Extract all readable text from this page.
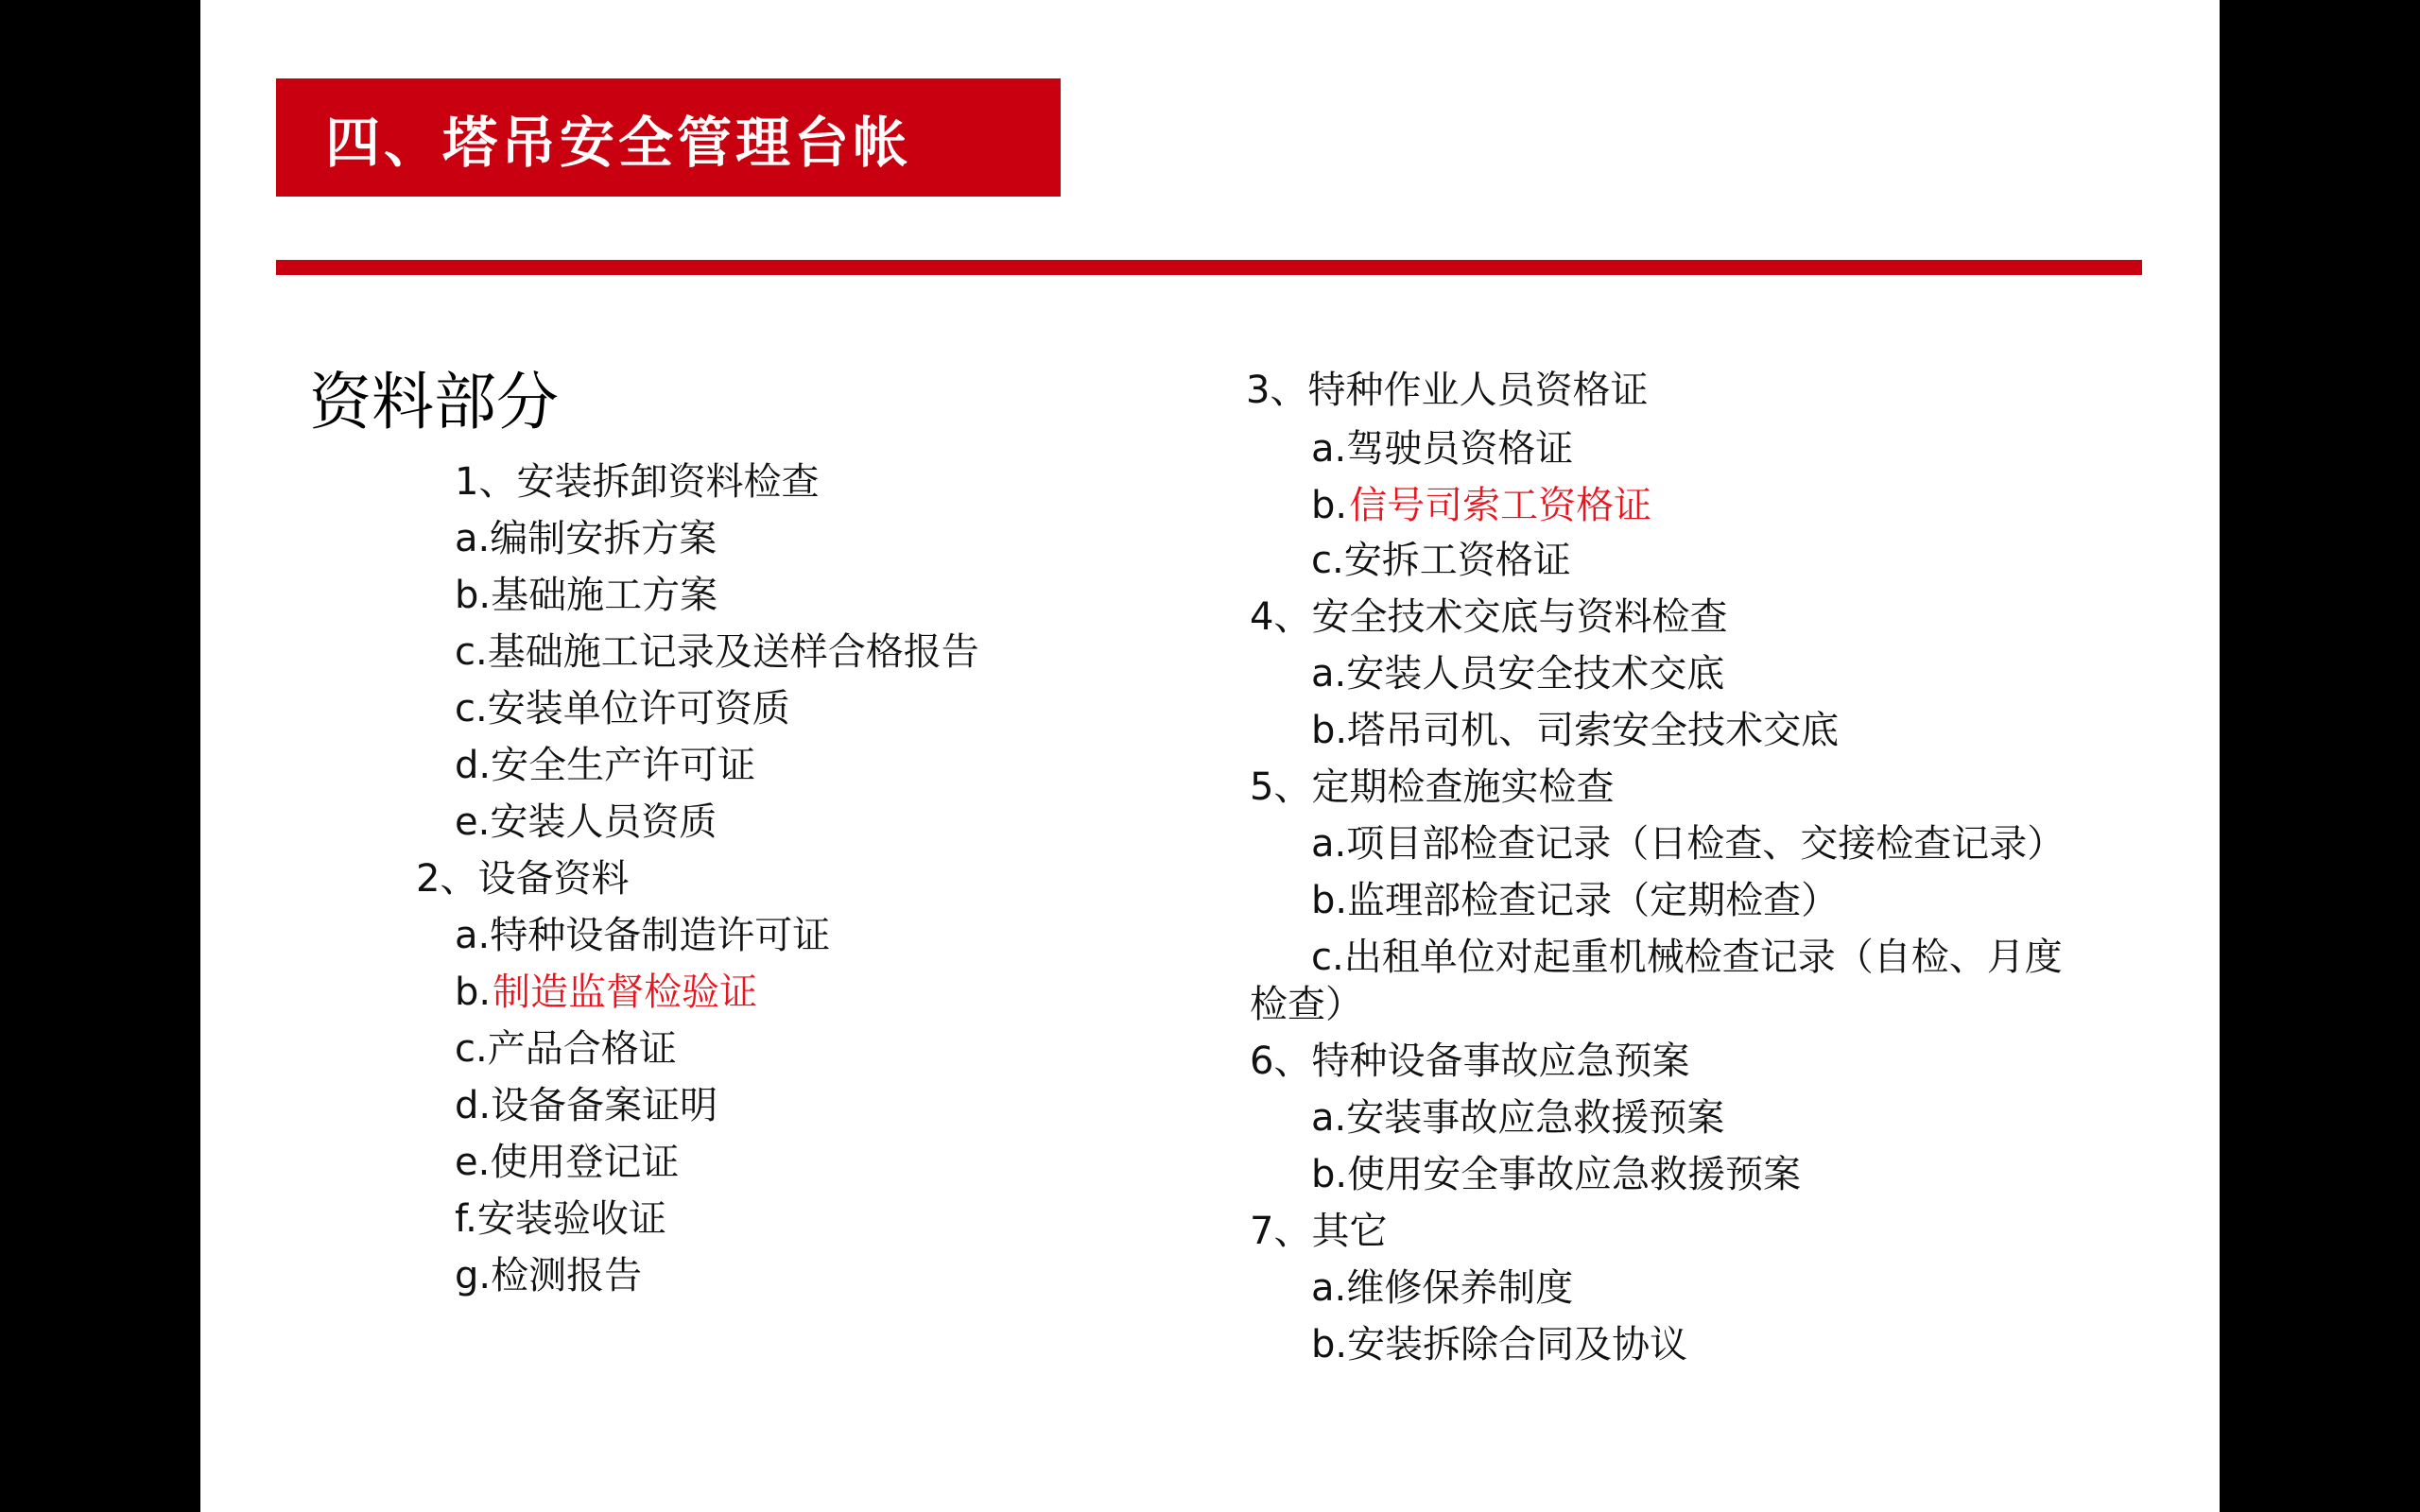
四、塔吊安全管理台帐
资料部分
1、安装拆卸资料检查
a.编制安拆方案
b.基础施工方案
c.基础施工记录及送样合格报告
c.安装单位许可资质
d.安全生产许可证
e.安装人员资质
2、设备资料
a.特种设备制造许可证
b.制造监督检验证
c.产品合格证
d.设备备案证明
e.使用登记证
f.安装验收证
g.检测报告
3、特种作业人员资格证
a.驾驶员资格证
b.信号司索工资格证
c.安拆工资格证
4、安全技术交底与资料检查
a.安装人员安全技术交底
b.塔吊司机、司索安全技术交底
5、定期检查施实检查
a.项目部检查记录（日检查、交接检查记录）
b.监理部检查记录（定期检查）
c.出租单位对起重机械检查记录（自检、月度
检查）
6、特种设备事故应急预案
a.安装事故应急救援预案
b.使用安全事故应急救援预案
7、其它
a.维修保养制度
b.安装拆除合同及协议
